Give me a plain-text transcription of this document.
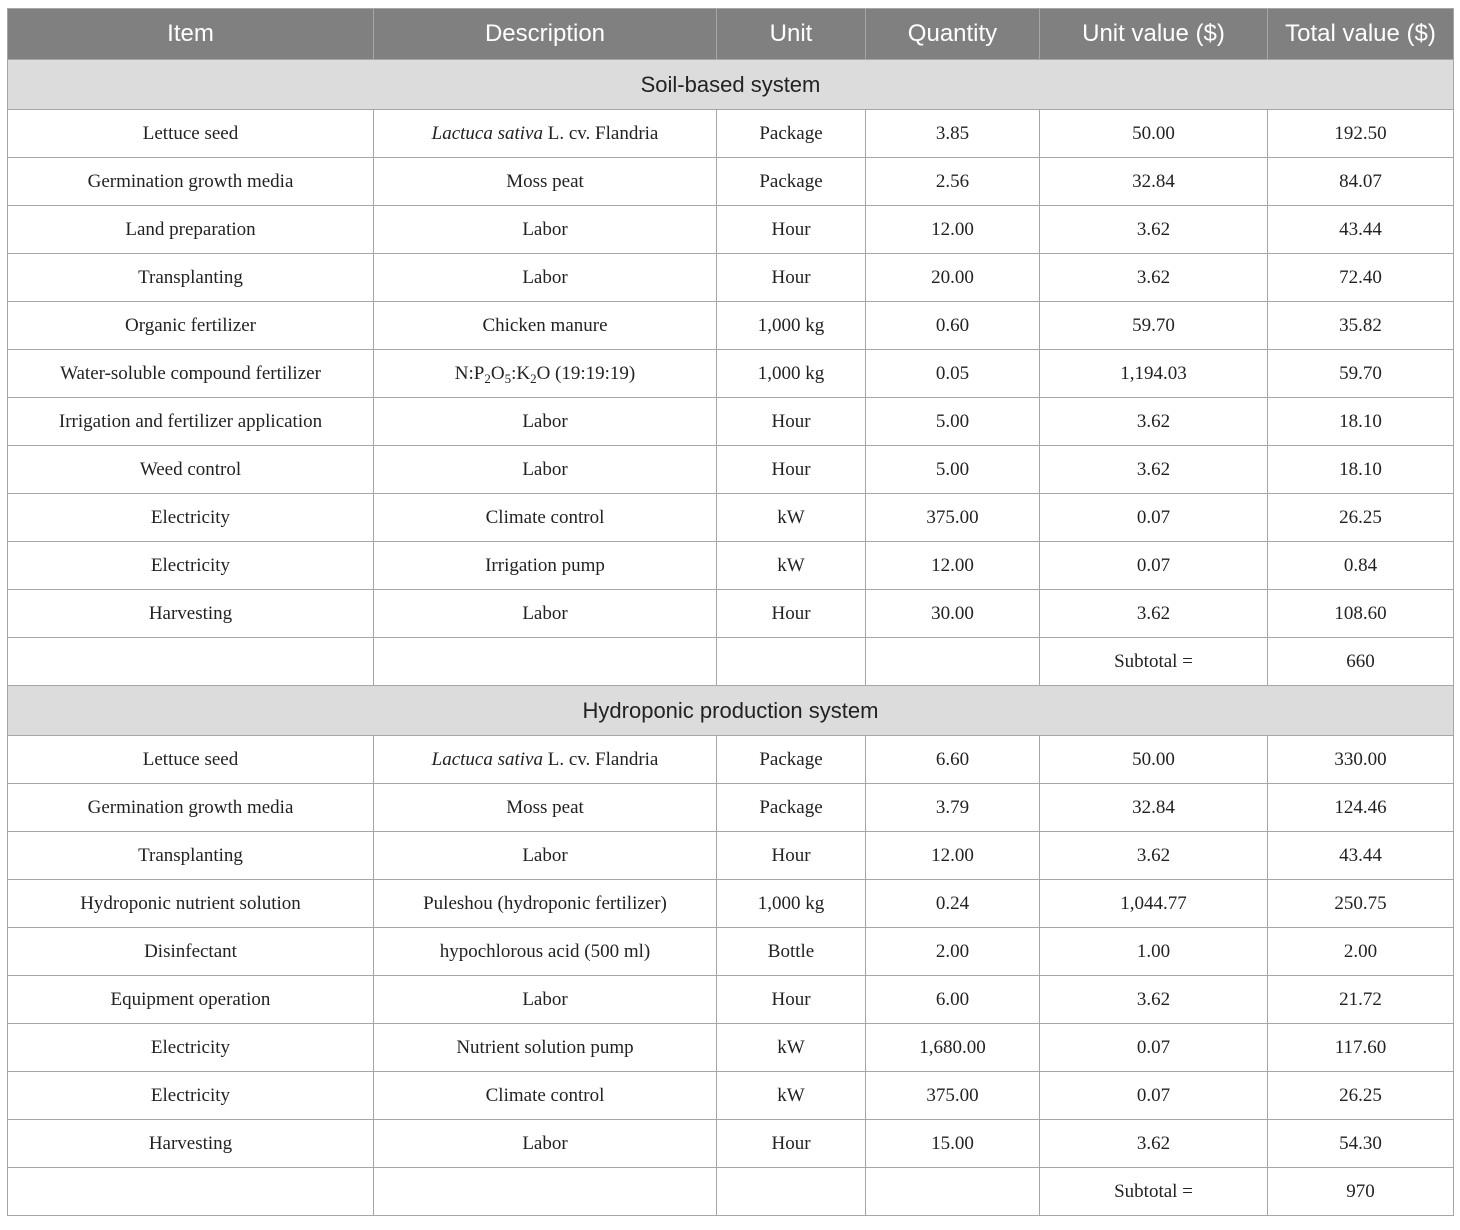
Item	Description	Unit	Quantity	Unit value ($)	Total value ($)
Soil-based system					
Lettuce seed	Lactuca sativa L. cv. Flandria	Package	3.85	50.00	192.50
Germination growth media	Moss peat	Package	2.56	32.84	84.07
Land preparation	Labor	Hour	12.00	3.62	43.44
Transplanting	Labor	Hour	20.00	3.62	72.40
Organic fertilizer	Chicken manure	1,000 kg	0.60	59.70	35.82
Water-soluble compound fertilizer	$N:P_2O_5:K_2O$ (19:19:19)	1,000 kg	0.05	1,194.03	59.70
Irrigation and fertilizer application	Labor	Hour	5.00	3.62	18.10
Weed control	Labor	Hour	5.00	3.62	18.10
Electricity	Climate control	kW	375.00	0.07	26.25
Electricity	Irrigation pump	kW	12.00	0.07	0.84
Harvesting	Labor	Hour	30.00	3.62	108.60
				Subtotal =	660
Hydroponic production system					
Lettuce seed	Lactuca sativa L. cv. Flandria	Package	6.60	50.00	330.00
Germination growth media	Moss peat	Package	3.79	32.84	124.46
Transplanting	Labor	Hour	12.00	3.62	43.44
Hydroponic nutrient solution	Puleshou (hydroponic fertilizer)	1,000 kg	0.24	1,044.77	250.75
Disinfectant	hypochlorous acid (500 ml)	Bottle	2.00	1.00	2.00
Equipment operation	Labor	Hour	6.00	3.62	21.72
Electricity	Nutrient solution pump	kW	1,680.00	0.07	117.60
Electricity	Climate control	kW	375.00	0.07	26.25
Harvesting	Labor	Hour	15.00	3.62	54.30
				Subtotal =	970
